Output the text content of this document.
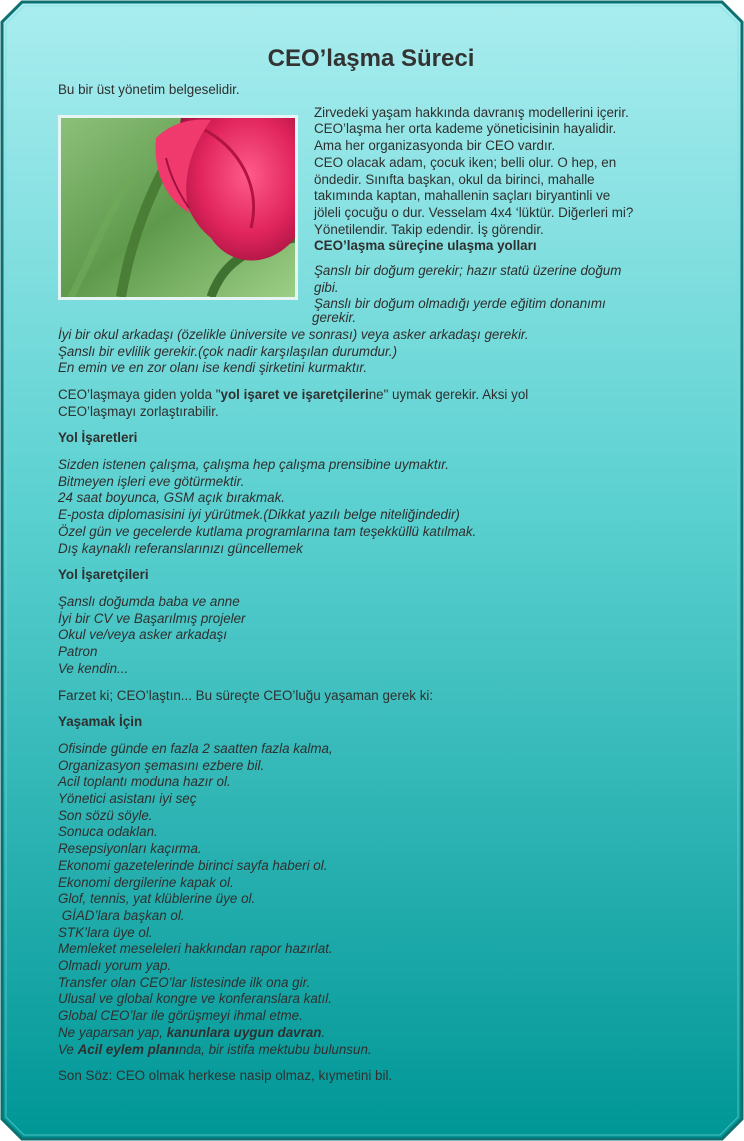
CEO’laşma Süreci

Bu bir üst yönetim belgeselidir.

Zirvedeki yaşam hakkında davranış modellerini içerir.

CEO’laşma her orta kademe yöneticisinin hayalidir.

Ama her organizasyonda bir CEO vardır.

CEO olacak adam, çocuk iken; belli olur. O hep, en

öndedir. Sınıfta başkan, okul da birinci, mahalle

takımında kaptan, mahallenin saçları biryantinli ve

jöleli çocuğu o dur. Vesselam 4x4 ‘lüktür. Diğerleri mi?

Yönetilendir. Takip edendir. İş görendir.

CEO’laşma süreçine ulaşma yolları

Şanslı bir doğum gerekir; hazır statü üzerine doğum

gibi.

Şanslı bir doğum olmadığı yerde eğitim donanımı

gerekir.

İyi bir okul arkadaşı (özelikle üniversite ve sonrası) veya asker arkadaşı gerekir.

Şanslı bir evlilik gerekir.(çok nadir karşılaşılan durumdur.)

En emin ve en zor olanı ise kendi şirketini kurmaktır.

CEO’laşmaya giden yolda "yol işaret ve işaretçilerine" uymak gerekir. Aksi yol

CEO’laşmayı zorlaştırabilir.

Yol İşaretleri

Sizden istenen çalışma, çalışma hep çalışma prensibine uymaktır.

Bitmeyen işleri eve götürmektir.

24 saat boyunca, GSM açık bırakmak.

E-posta diplomasisini iyi yürütmek.(Dikkat yazılı belge niteliğindedir)

Özel gün ve gecelerde kutlama programlarına tam teşekküllü katılmak.

Dış kaynaklı referanslarınızı güncellemek

Yol İşaretçileri

Şanslı doğumda baba ve anne

İyi bir CV ve Başarılmış projeler

Okul ve/veya asker arkadaşı

Patron

Ve kendin...

Farzet ki; CEO’laştın... Bu süreçte CEO’luğu yaşaman gerek ki:

Yaşamak İçin

Ofisinde günde en fazla 2 saatten fazla kalma,

Organizasyon şemasını ezbere bil.

Acil toplantı moduna hazır ol.

Yönetici asistanı iyi seç

Son sözü söyle.

Sonuca odaklan.

Resepsiyonları kaçırma.

Ekonomi gazetelerinde birinci sayfa haberi ol.

Ekonomi dergilerine kapak ol.

Glof, tennis, yat klüblerine üye ol.

GİAD’lara başkan ol.

STK’lara üye ol.

Memleket meseleleri hakkından rapor hazırlat.

Olmadı yorum yap.

Transfer olan CEO’lar listesinde ilk ona gir.

Ulusal ve global kongre ve konferanslara katıl.

Global CEO’lar ile görüşmeyi ihmal etme.

Ne yaparsan yap, kanunlara uygun davran.

Ve Acil eylem planında, bir istifa mektubu bulunsun.

Son Söz: CEO olmak herkese nasip olmaz, kıymetini bil.
